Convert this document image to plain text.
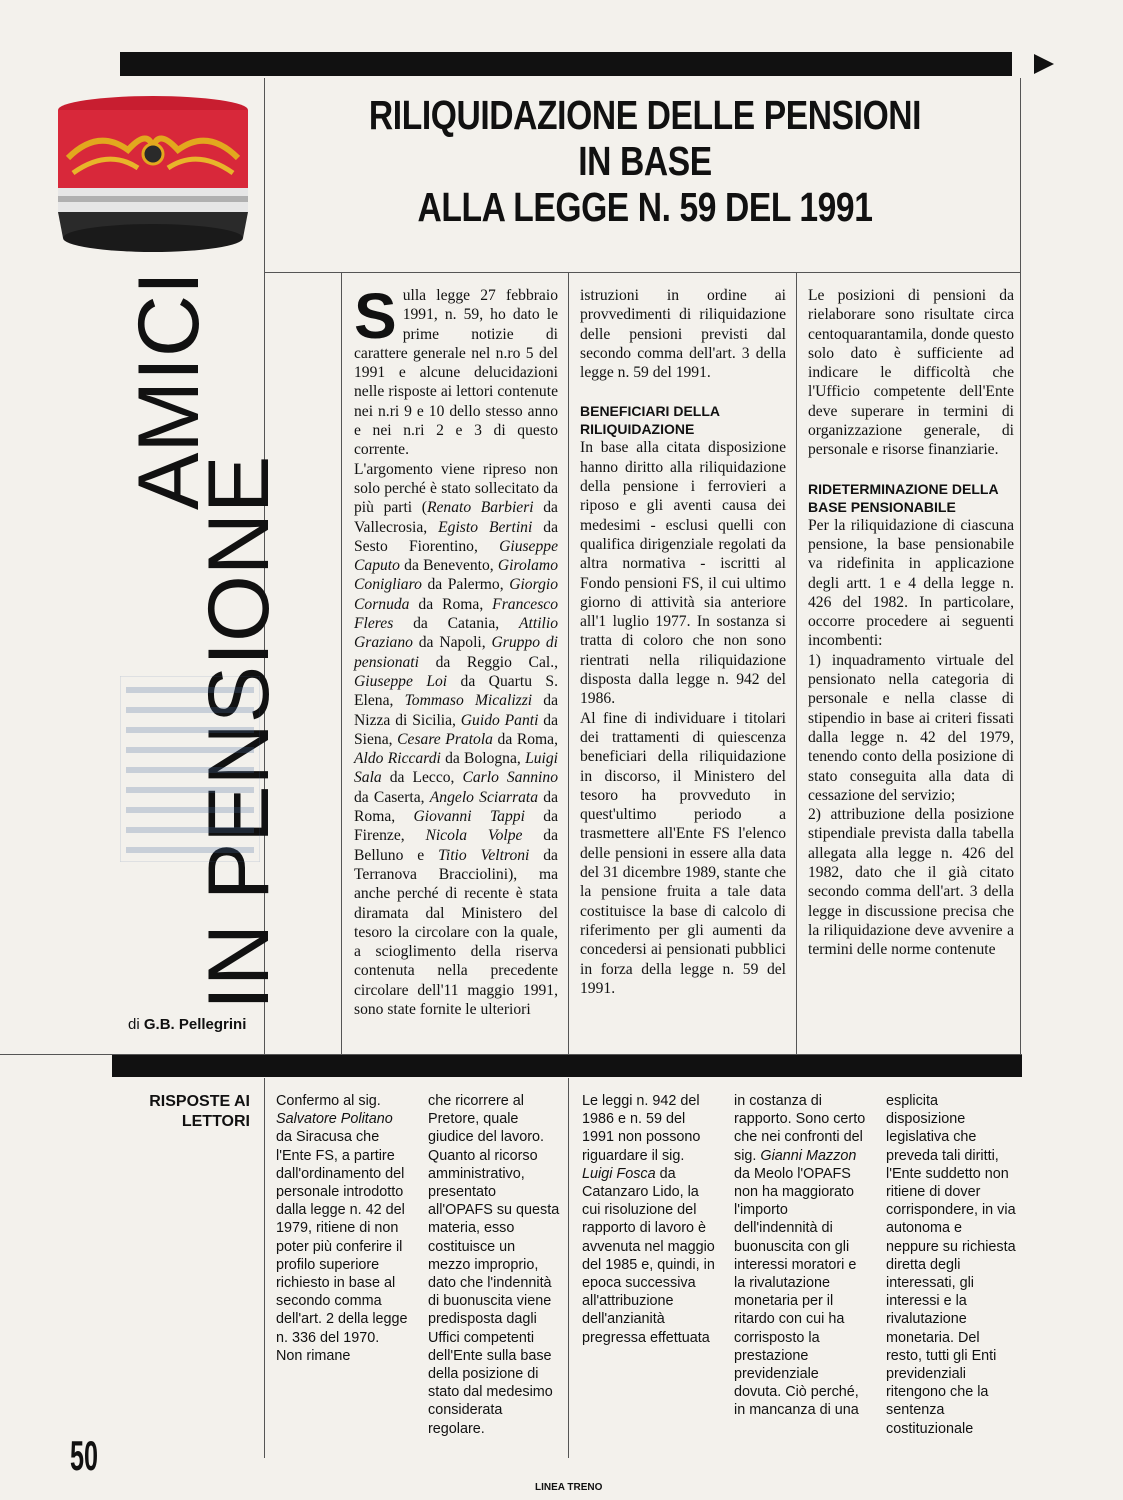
RILIQUIDAZIONE DELLE PENSIONI
IN BASE
ALLA LEGGE N. 59 DEL 1991
AMICI
IN PENSIONE
di G.B. Pellegrini

Sulla legge 27 febbraio 1991, n. 59, ho dato le prime notizie di carattere generale nel n.ro 5 del 1991 e alcune delucidazioni nelle risposte ai lettori contenute nei n.ri 9 e 10 dello stesso anno e nei n.ri 2 e 3 di questo corrente.

L'argomento viene ripreso non solo perché è stato sollecitato da più parti (Renato Barbieri da Vallecrosia, Egisto Bertini da Sesto Fiorentino, Giuseppe Caputo da Benevento, Girolamo Conigliaro da Palermo, Giorgio Cornuda da Roma, Francesco Fleres da Catania, Attilio Graziano da Napoli, Gruppo di pensionati da Reggio Cal., Giuseppe Loi da Quartu S. Elena, Tommaso Micalizzi da Nizza di Sicilia, Guido Panti da Siena, Cesare Pratola da Roma, Aldo Riccardi da Bologna, Luigi Sala da Lecco, Carlo Sannino da Caserta, Angelo Sciarrata da Roma, Giovanni Tappi da Firenze, Nicola Volpe da Belluno e Titio Veltroni da Terranova Bracciolini), ma anche perché di recente è stata diramata dal Ministero del tesoro la circolare con la quale, a scioglimento della riserva contenuta nella precedente circolare dell'11 maggio 1991, sono state fornite le ulteriori

istruzioni in ordine ai provvedimenti di riliquidazione delle pensioni previsti dal secondo comma dell'art. 3 della legge n. 59 del 1991.

BENEFICIARI DELLA RILIQUIDAZIONE

In base alla citata disposizione hanno diritto alla riliquidazione della pensione i ferrovieri a riposo e gli aventi causa dei medesimi - esclusi quelli con qualifica dirigenziale regolati da altra normativa - iscritti al Fondo pensioni FS, il cui ultimo giorno di attività sia anteriore all'1 luglio 1977. In sostanza si tratta di coloro che non sono rientrati nella riliquidazione disposta dalla legge n. 942 del 1986.

Al fine di individuare i titolari dei trattamenti di quiescenza beneficiari della riliquidazione in discorso, il Ministero del tesoro ha provveduto in quest'ultimo periodo a trasmettere all'Ente FS l'elenco delle pensioni in essere alla data del 31 dicembre 1989, stante che la pensione fruita a tale data costituisce la base di calcolo di riferimento per gli aumenti da concedersi ai pensionati pubblici in forza della legge n. 59 del 1991.

Le posizioni di pensioni da rielaborare sono risultate circa centoquarantamila, donde questo solo dato è sufficiente ad indicare le difficoltà che l'Ufficio competente dell'Ente deve superare in termini di organizzazione generale, di personale e risorse finanziarie.

RIDETERMINAZIONE DELLA BASE PENSIONABILE

Per la riliquidazione di ciascuna pensione, la base pensionabile va ridefinita in applicazione degli artt. 1 e 4 della legge n. 426 del 1982. In particolare, occorre procedere ai seguenti incombenti:

1) inquadramento virtuale del pensionato nella categoria di personale e nella classe di stipendio in base ai criteri fissati dalla legge n. 42 del 1979, tenendo conto della posizione di stato conseguita alla data di cessazione del servizio;

2) attribuzione della posizione stipendiale prevista dalla tabella allegata alla legge n. 426 del 1982, dato che il già citato secondo comma dell'art. 3 della legge in discussione precisa che la riliquidazione deve avvenire a termini delle norme contenute

RISPOSTE AI
LETTORI

Confermo al sig. Salvatore Politano da Siracusa che l'Ente FS, a partire dall'ordinamento del personale introdotto dalla legge n. 42 del 1979, ritiene di non poter più conferire il profilo superiore richiesto in base al secondo comma dell'art. 2 della legge n. 336 del 1970. Non rimane

che ricorrere al Pretore, quale giudice del lavoro. Quanto al ricorso amministrativo, presentato all'OPAFS su questa materia, esso costituisce un mezzo improprio, dato che l'indennità di buonuscita viene predisposta dagli Uffici competenti dell'Ente sulla base della posizione di stato dal medesimo considerata regolare.

Le leggi n. 942 del 1986 e n. 59 del 1991 non possono riguardare il sig. Luigi Fosca da Catanzaro Lido, la cui risoluzione del rapporto di lavoro è avvenuta nel maggio del 1985 e, quindi, in epoca successiva all'attribuzione dell'anzianità pregressa effettuata

in costanza di rapporto. Sono certo che nei confronti del sig. Gianni Mazzon da Meolo l'OPAFS non ha maggiorato l'importo dell'indennità di buonuscita con gli interessi moratori e la rivalutazione monetaria per il ritardo con cui ha corrisposto la prestazione previdenziale dovuta. Ciò perché, in mancanza di una

esplicita disposizione legislativa che preveda tali diritti, l'Ente suddetto non ritiene di dover corrispondere, in via autonoma e neppure su richiesta diretta degli interessati, gli interessi e la rivalutazione monetaria. Del resto, tutti gli Enti previdenziali ritengono che la sentenza costituzionale

50
LINEA TRENO
